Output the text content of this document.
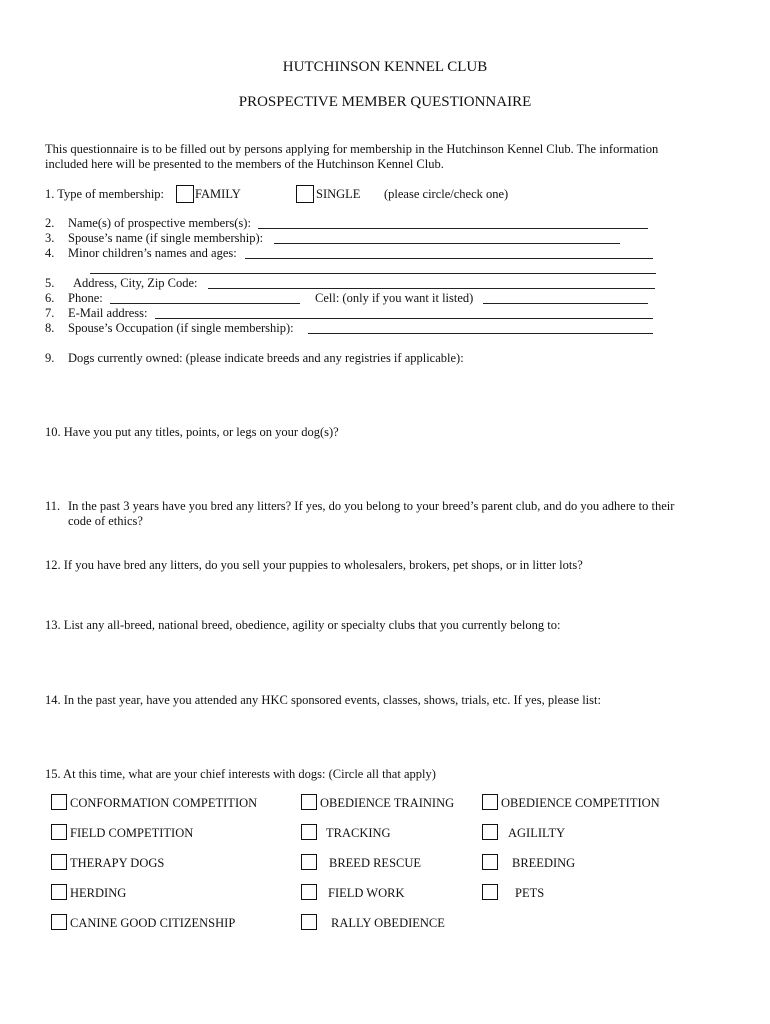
HUTCHINSON KENNEL CLUB
PROSPECTIVE MEMBER QUESTIONNAIRE
This questionnaire is to be filled out by persons applying for membership in the Hutchinson Kennel Club. The information
included here will be presented to the members of the Hutchinson Kennel Club.
1. Type of membership: FAMILY	SINGLE (please circle/check one)
2. Name(s) of prospective members(s):
3. Spouse’s name (if single membership):
4. Minor children’s names and ages:
5. Address, City, Zip Code:
6. Phone:	Cell: (only if you want it listed)
7. E-Mail address:
8. Spouse’s Occupation (if single membership):
9. Dogs currently owned: (please indicate breeds and any registries if applicable):
10. Have you put any titles, points, or legs on your dog(s)?
11. In the past 3 years have you bred any litters? If yes, do you belong to your breed’s parent club, and do you adhere to their
code of ethics?
12. If you have bred any litters, do you sell your puppies to wholesalers, brokers, pet shops, or in litter lots?
13. List any all-breed, national breed, obedience, agility or specialty clubs that you currently belong to:
14. In the past year, have you attended any HKC sponsored events, classes, shows, trials, etc. If yes, please list:
15. At this time, what are your chief interests with dogs: (Circle all that apply)
CONFORMATION COMPETITION
FIELD COMPETITION
THERAPY DOGS
HERDING
CANINE GOOD CITIZENSHIP
OBEDIENCE TRAINING
TRACKING
BREED RESCUE
FIELD WORK
RALLY OBEDIENCE
OBEDIENCE COMPETITION
AGILILTY
BREEDING
PETS
